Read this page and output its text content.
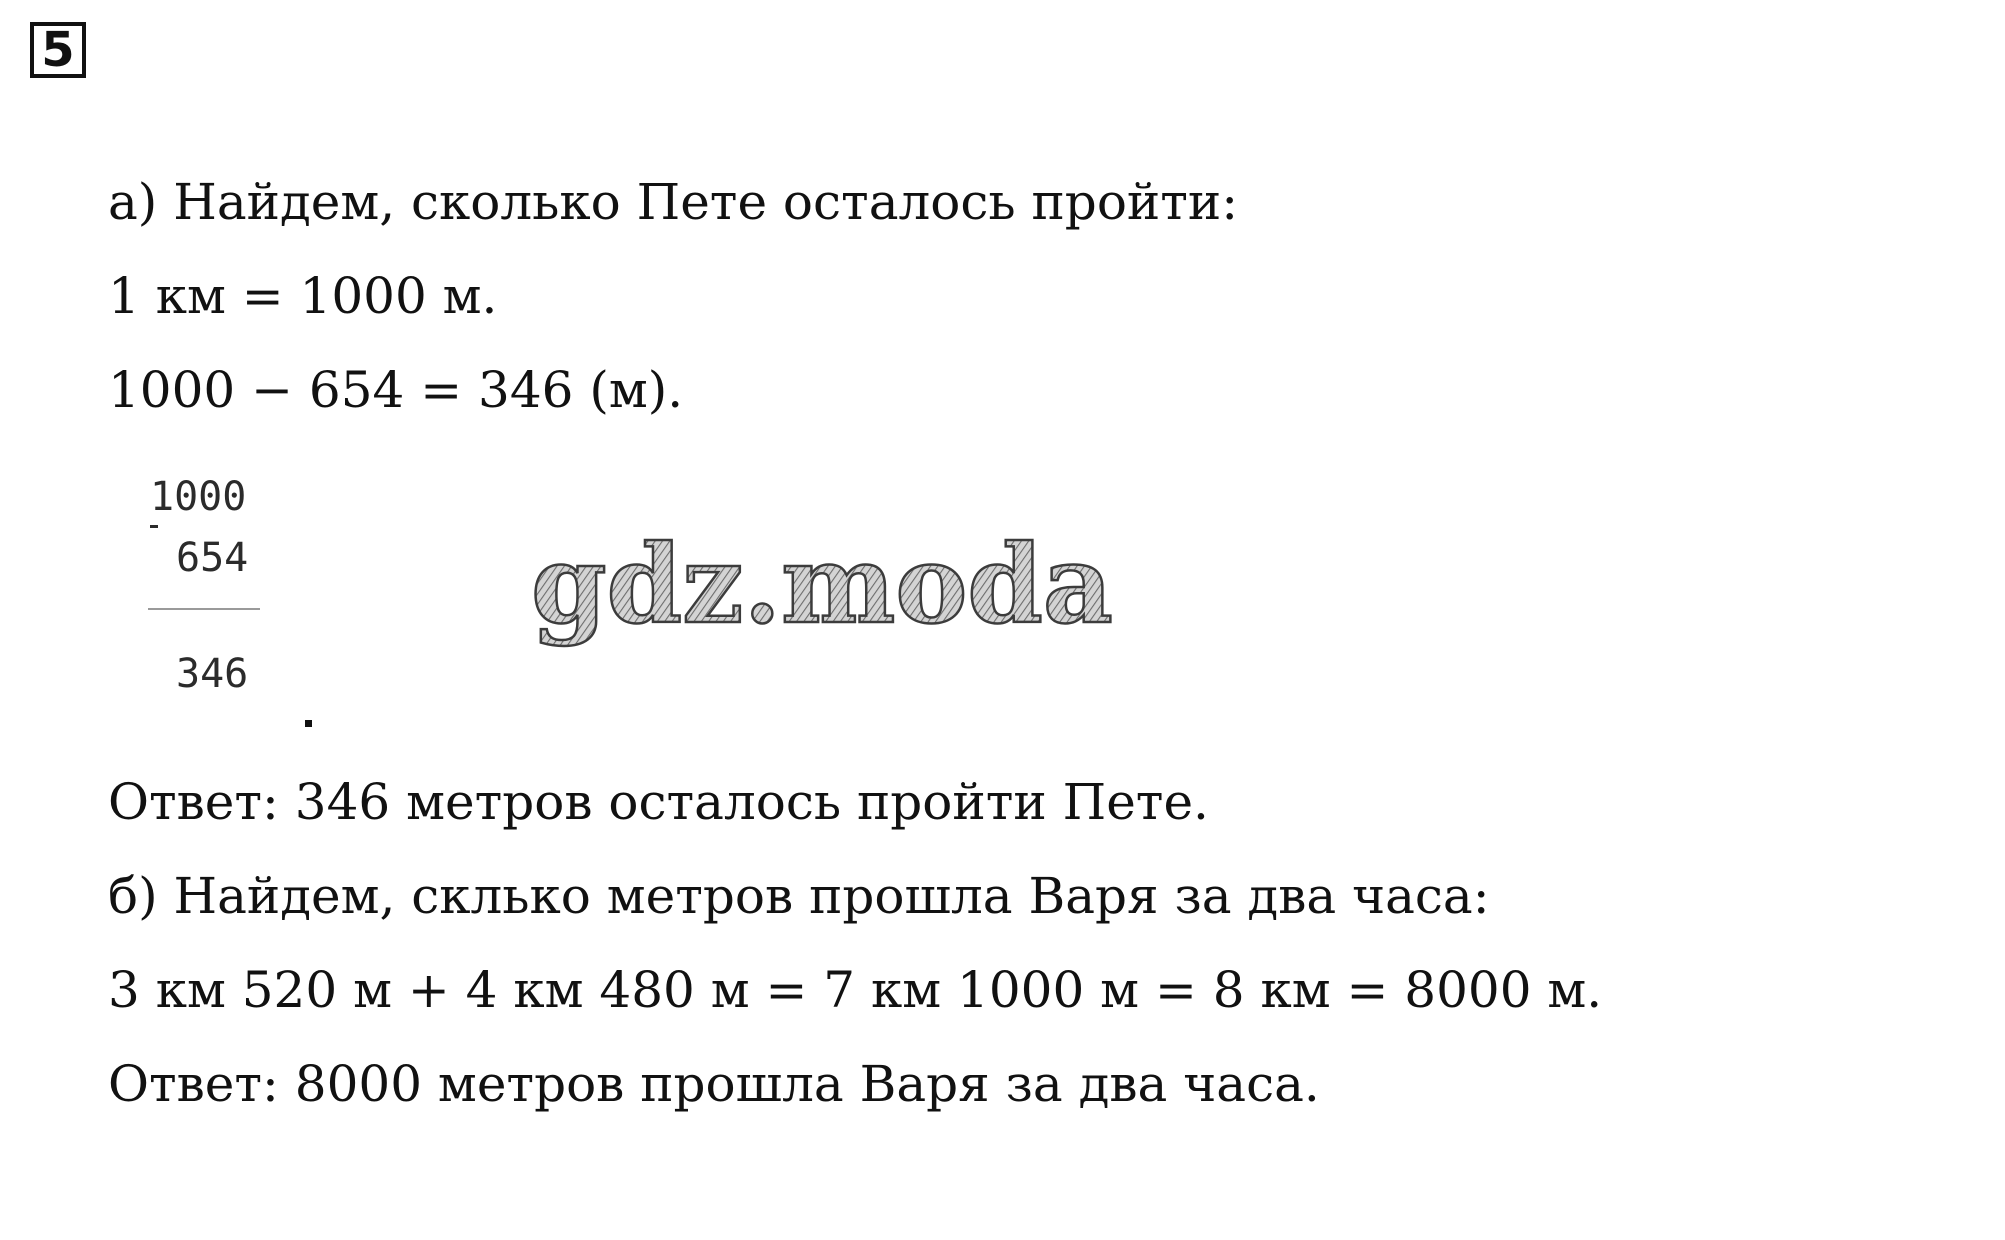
5
а) Найдем, сколько Пете осталось пройти:
1 км = 1000 м.
1000 − 654 = 346 (м).
1000
654
346
gdz.moda
Ответ: 346 метров осталось пройти Пете.
б) Найдем, скльк​о метров прошла Варя за два часа:
3 км 520 м + 4 км 480 м = 7 км 1000 м = 8 км = 8000 м.
Ответ: 8000 метров прошла Варя за два часа.
